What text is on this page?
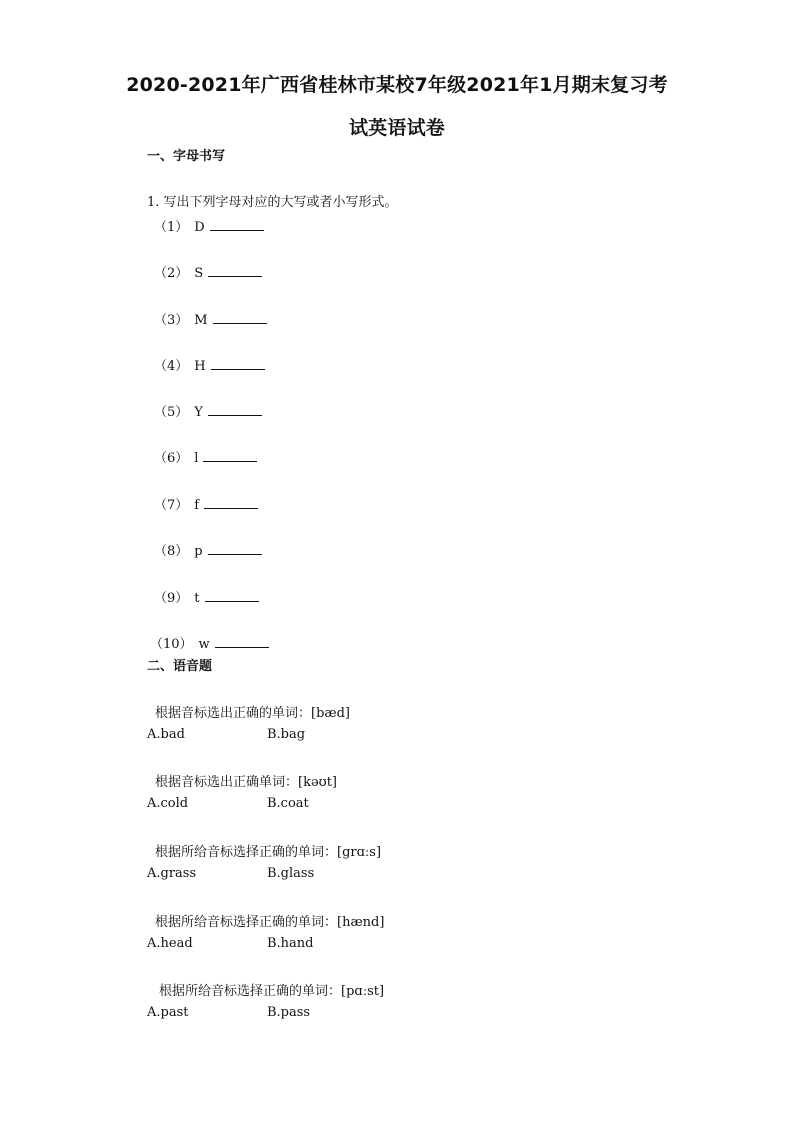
2020-2021年广西省桂林市某校7年级2021年1月期末复习考
试英语试卷
一、字母书写
1. 写出下列字母对应的大写或者小写形式。
（1） D
（2） S
（3） M
（4） H
（5） Y
（6） l
（7） f
（8） p
（9） t
（10） w
二、语音题
根据音标选出正确的单词：[bæd]
A.bad	B.bag
根据音标选出正确单词：[kəʊt]
A.cold	B.coat
根据所给音标选择正确的单词：[grɑːs]
A.grass	B.glass
根据所给音标选择正确的单词：[hænd]
A.head	B.hand
根据所给音标选择正确的单词：[pɑːst]
A.past	B.pass
